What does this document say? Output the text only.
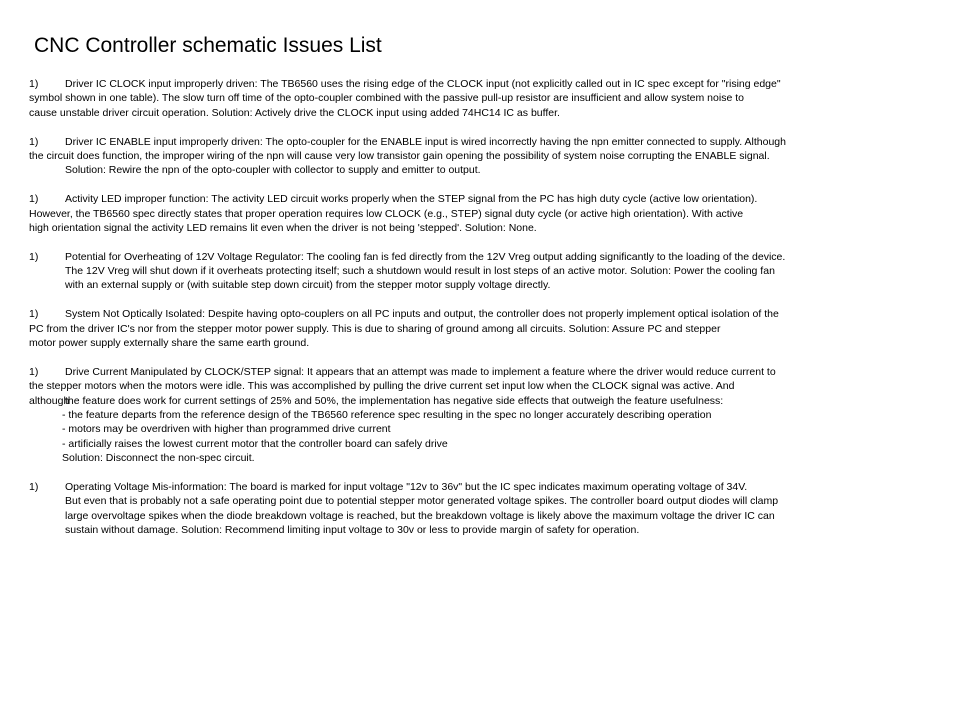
CNC Controller schematic Issues List
1)	Driver IC CLOCK input improperly driven: The TB6560 uses the rising edge of the CLOCK input (not explicitly called out in IC spec except for "rising edge"
symbol shown in one table). The slow turn off time of the opto-coupler combined with the passive pull-up resistor are insufficient and allow system noise to
cause unstable driver circuit operation. Solution: Actively drive the CLOCK input using added 74HC14 IC as buffer.
1)	Driver IC ENABLE input improperly driven: The opto-coupler for the ENABLE input is wired incorrectly having the npn emitter connected to supply. Although
the circuit does function, the improper wiring of the npn will cause very low transistor gain opening the possibility of system noise corrupting the ENABLE signal.
Solution: Rewire the npn of the opto-coupler with collector to supply and emitter to output.
1)	Activity LED improper function: The activity LED circuit works properly when the STEP signal from the PC has high duty cycle (active low orientation).
However, the TB6560 spec directly states that proper operation requires low CLOCK (e.g., STEP) signal duty cycle (or active high orientation). With active
high orientation signal the activity LED remains lit even when the driver is not being 'stepped'. Solution: None.
1)	Potential for Overheating of 12V Voltage Regulator: The cooling fan is fed directly from the 12V Vreg output adding significantly to the loading of the device.
The 12V Vreg will shut down if it overheats protecting itself; such a shutdown would result in lost steps of an active motor. Solution: Power the cooling fan
with an external supply or (with suitable step down circuit) from the stepper motor supply voltage directly.
1)	System Not Optically Isolated: Despite having opto-couplers on all PC inputs and output, the controller does not properly implement optical isolation of the
PC from the driver IC's nor from the stepper motor power supply. This is due to sharing of ground among all circuits. Solution: Assure PC and stepper
motor power supply externally share the same earth ground.
1)	Drive Current Manipulated by CLOCK/STEP signal: It appears that an attempt was made to implement a feature where the driver would reduce current to
the stepper motors when the motors were idle. This was accomplished by pulling the drive current set input low when the CLOCK signal was active. And
althoughthe feature does work for current settings of 25% and 50%, the implementation has negative side effects that outweigh the feature usefulness:
- the feature departs from the reference design of the TB6560 reference spec resulting in the spec no longer accurately describing operation
- motors may be overdriven with higher than programmed drive current
- artificially raises the lowest current motor that the controller board can safely drive
Solution: Disconnect the non-spec circuit.
1)	Operating Voltage Mis-information: The board is marked for input voltage "12v to 36v" but the IC spec indicates maximum operating voltage of 34V.
But even that is probably not a safe operating point due to potential stepper motor generated voltage spikes. The controller board output diodes will clamp
large overvoltage spikes when the diode breakdown voltage is reached, but the breakdown voltage is likely above the maximum voltage the driver IC can
sustain without damage. Solution: Recommend limiting input voltage to 30v or less to provide margin of safety for operation.
